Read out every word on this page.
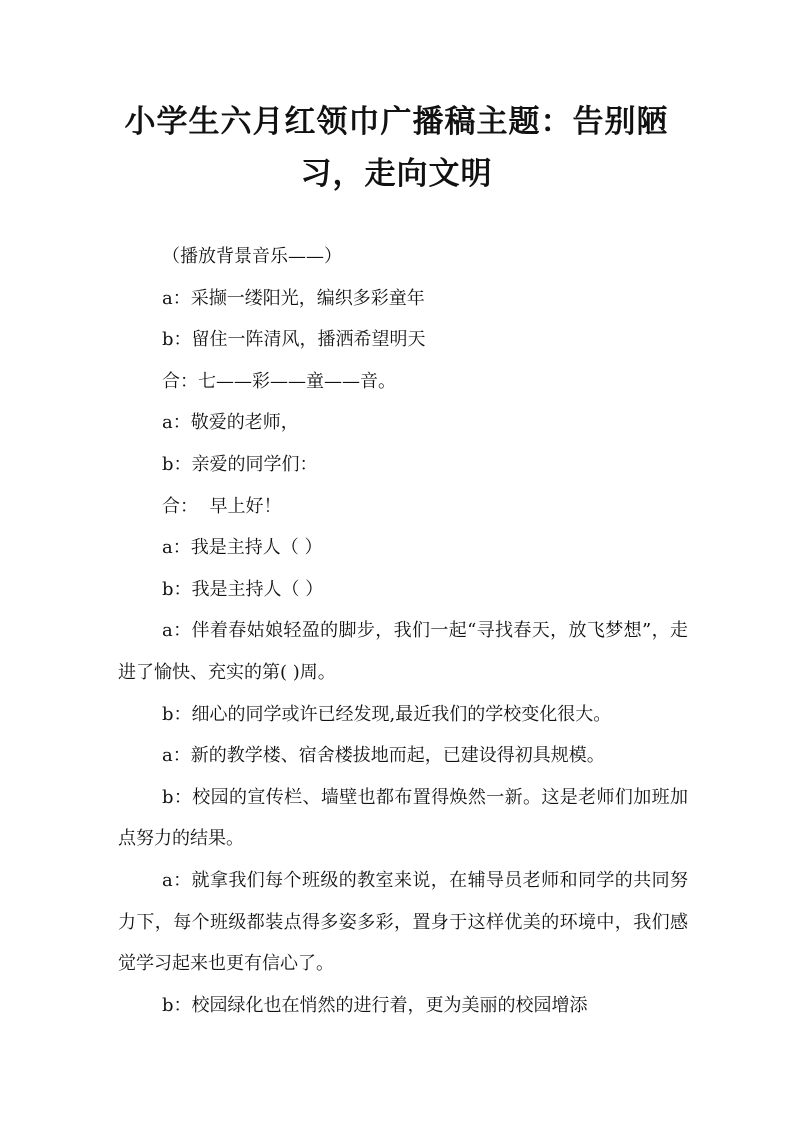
小学生六月红领巾广播稿主题：告别陋习，走向文明

（播放背景音乐——）

a：采撷一缕阳光，编织多彩童年

b：留住一阵清风，播洒希望明天

合：七——彩——童——音。

a：敬爱的老师，

b：亲爱的同学们：

合：  早上好！

a：我是主持人（ ）

b：我是主持人（ ）

a：伴着春姑娘轻盈的脚步，我们一起“寻找春天，放飞梦想”，走进了愉快、充实的第( )周。

b：细心的同学或许已经发现,最近我们的学校变化很大。

a：新的教学楼、宿舍楼拔地而起，已建设得初具规模。

b：校园的宣传栏、墙壁也都布置得焕然一新。这是老师们加班加点努力的结果。

a：就拿我们每个班级的教室来说，在辅导员老师和同学的共同努力下，每个班级都装点得多姿多彩，置身于这样优美的环境中，我们感觉学习起来也更有信心了。

b：校园绿化也在悄然的进行着，更为美丽的校园增添
